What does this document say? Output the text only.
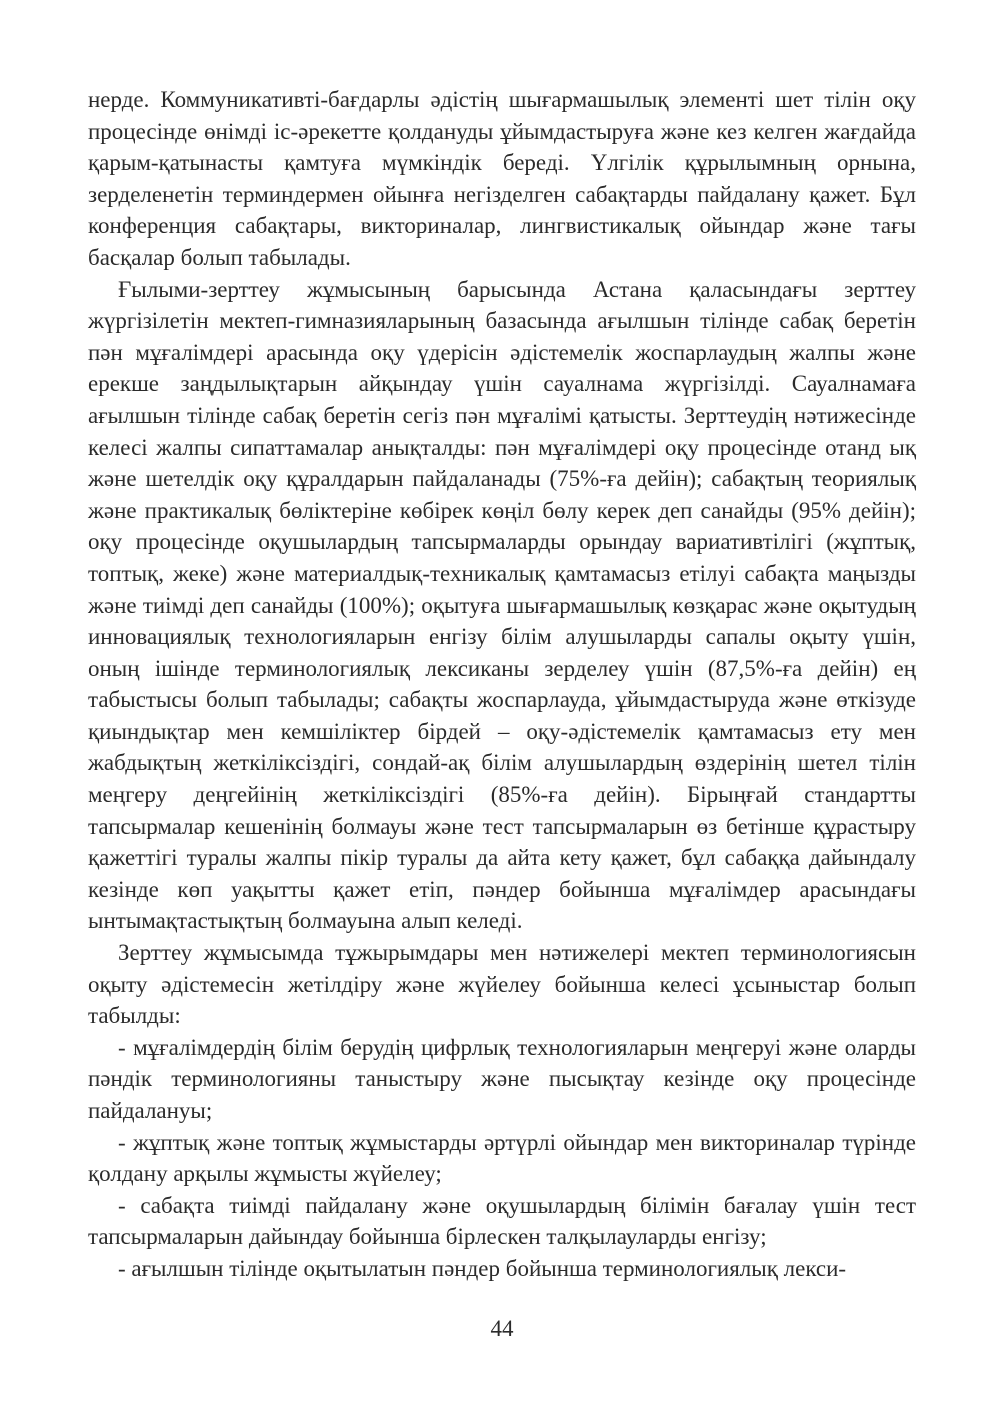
нерде. Коммуникативті-бағдарлы әдістің шығармашылық элементі шет тілін оқу процесінде өнімді іс-әрекетте қолдануды ұйымдастыруға және кез келген жағдайда қарым-қатынасты қамтуға мүмкіндік береді. Үлгілік құрылымның орнына, зерделенетін терминдермен ойынға негізделген сабақтарды пайдалану қажет. Бұл конференция сабақтары, викториналар, лингвистикалық ойындар және тағы басқалар болып табылады.

Ғылыми-зерттеу жұмысының барысында Астана қаласындағы зерттеу жүргізілетін мектеп-гимназияларының базасында ағылшын тілінде сабақ беретін пән мұғалімдері арасында оқу үдерісін әдістемелік жоспарлаудың жалпы және ерекше заңдылықтарын айқындау үшін сауалнама жүргізілді. Сауалнамаға ағылшын тілінде сабақ беретін сегіз пән мұғалімі қатысты. Зерттеудің нәтижесінде келесі жалпы сипаттамалар анықталды: пән мұғалімдері оқу процесінде отанд ық және шетелдік оқу құралдарын пайдаланады (75%-ға дейін); сабақтың теориялық және практикалық бөліктеріне көбірек көңіл бөлу керек деп санайды (95% дейін); оқу процесінде оқушылардың тапсырмаларды орындау вариативтілігі (жұптық, топтық, жеке) және материалдық-техникалық қамтамасыз етілуі сабақта маңызды және тиімді деп санайды (100%); оқытуға шығармашылық көзқарас және оқытудың инновациялық технологияларын енгізу білім алушыларды сапалы оқыту үшін, оның ішінде терминологиялық лексиканы зерделеу үшін (87,5%-ға дейін) ең табыстысы болып табылады; сабақты жоспарлауда, ұйымдастыруда және өткізуде қиындықтар мен кемшіліктер бірдей – оқу-әдістемелік қамтамасыз ету мен жабдықтың жеткіліксіздігі, сондай-ақ білім алушылардың өздерінің шетел тілін меңгеру деңгейінің жеткіліксіздігі (85%-ға дейін). Бірыңғай стандартты тапсырмалар кешенінің болмауы және тест тапсырмаларын өз бетінше құрастыру қажеттігі туралы жалпы пікір туралы да айта кету қажет, бұл сабаққа дайындалу кезінде көп уақытты қажет етіп, пәндер бойынша мұғалімдер арасындағы ынтымақтастықтың болмауына алып келеді.

Зерттеу жұмысымда тұжырымдары мен нәтижелері мектеп терминологиясын оқыту әдістемесін жетілдіру және жүйелеу бойынша келесі ұсыныстар болып табылды:

- мұғалімдердің білім берудің цифрлық технологияларын меңгеруі және оларды пәндік терминологияны таныстыру және пысықтау кезінде оқу процесінде пайдалануы;

- жұптық және топтық жұмыстарды әртүрлі ойындар мен викториналар түрінде қолдану арқылы жұмысты жүйелеу;

- сабақта тиімді пайдалану және оқушылардың білімін бағалау үшін тест тапсырмаларын дайындау бойынша бірлескен талқылауларды енгізу;

- ағылшын тілінде оқытылатын пәндер бойынша терминологиялық лекси-

44
